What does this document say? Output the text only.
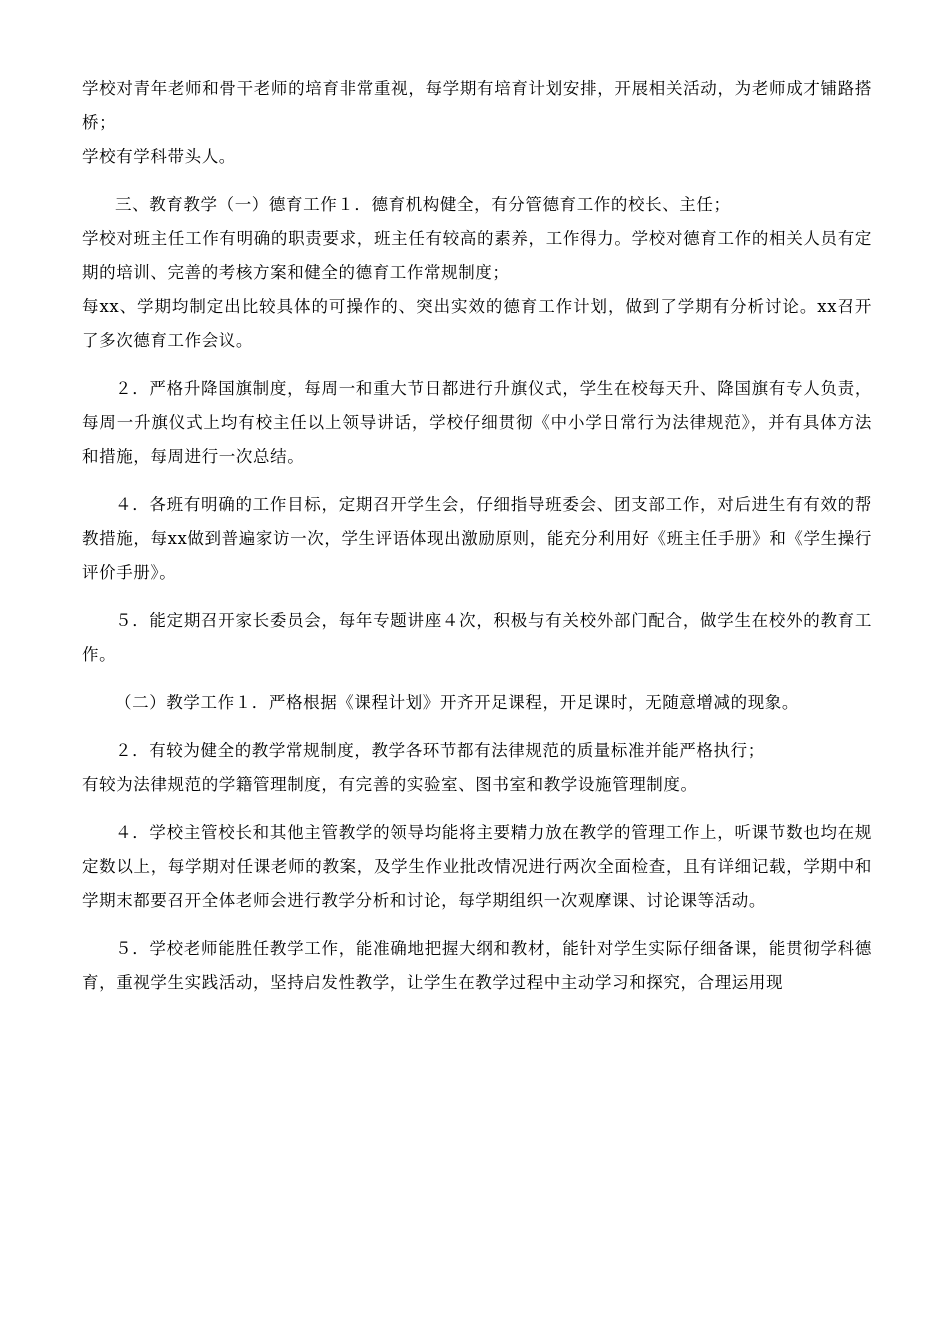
学校对青年老师和骨干老师的培育非常重视，每学期有培育计划安排，开展相关活动，为老师成才铺路搭桥；

学校有学科带头人。

三、教育教学（一）德育工作１．德育机构健全，有分管德育工作的校长、主任；

学校对班主任工作有明确的职责要求，班主任有较高的素养，工作得力。学校对德育工作的相关人员有定期的培训、完善的考核方案和健全的德育工作常规制度；

每xx、学期均制定出比较具体的可操作的、突出实效的德育工作计划，做到了学期有分析讨论。xx召开了多次德育工作会议。

２．严格升降国旗制度，每周一和重大节日都进行升旗仪式，学生在校每天升、降国旗有专人负责，每周一升旗仪式上均有校主任以上领导讲话，学校仔细贯彻《中小学日常行为法律规范》，并有具体方法和措施，每周进行一次总结。

４．各班有明确的工作目标，定期召开学生会，仔细指导班委会、团支部工作，对后进生有有效的帮教措施，每xx做到普遍家访一次，学生评语体现出激励原则，能充分利用好《班主任手册》和《学生操行评价手册》。

５．能定期召开家长委员会，每年专题讲座４次，积极与有关校外部门配合，做学生在校外的教育工作。

（二）教学工作１．严格根据《课程计划》开齐开足课程，开足课时，无随意增减的现象。

２．有较为健全的教学常规制度，教学各环节都有法律规范的质量标准并能严格执行；

有较为法律规范的学籍管理制度，有完善的实验室、图书室和教学设施管理制度。

４．学校主管校长和其他主管教学的领导均能将主要精力放在教学的管理工作上，听课节数也均在规定数以上，每学期对任课老师的教案，及学生作业批改情况进行两次全面检查，且有详细记载，学期中和学期末都要召开全体老师会进行教学分析和讨论，每学期组织一次观摩课、讨论课等活动。

５．学校老师能胜任教学工作，能准确地把握大纲和教材，能针对学生实际仔细备课，能贯彻学科德育，重视学生实践活动，坚持启发性教学，让学生在教学过程中主动学习和探究，合理运用现
